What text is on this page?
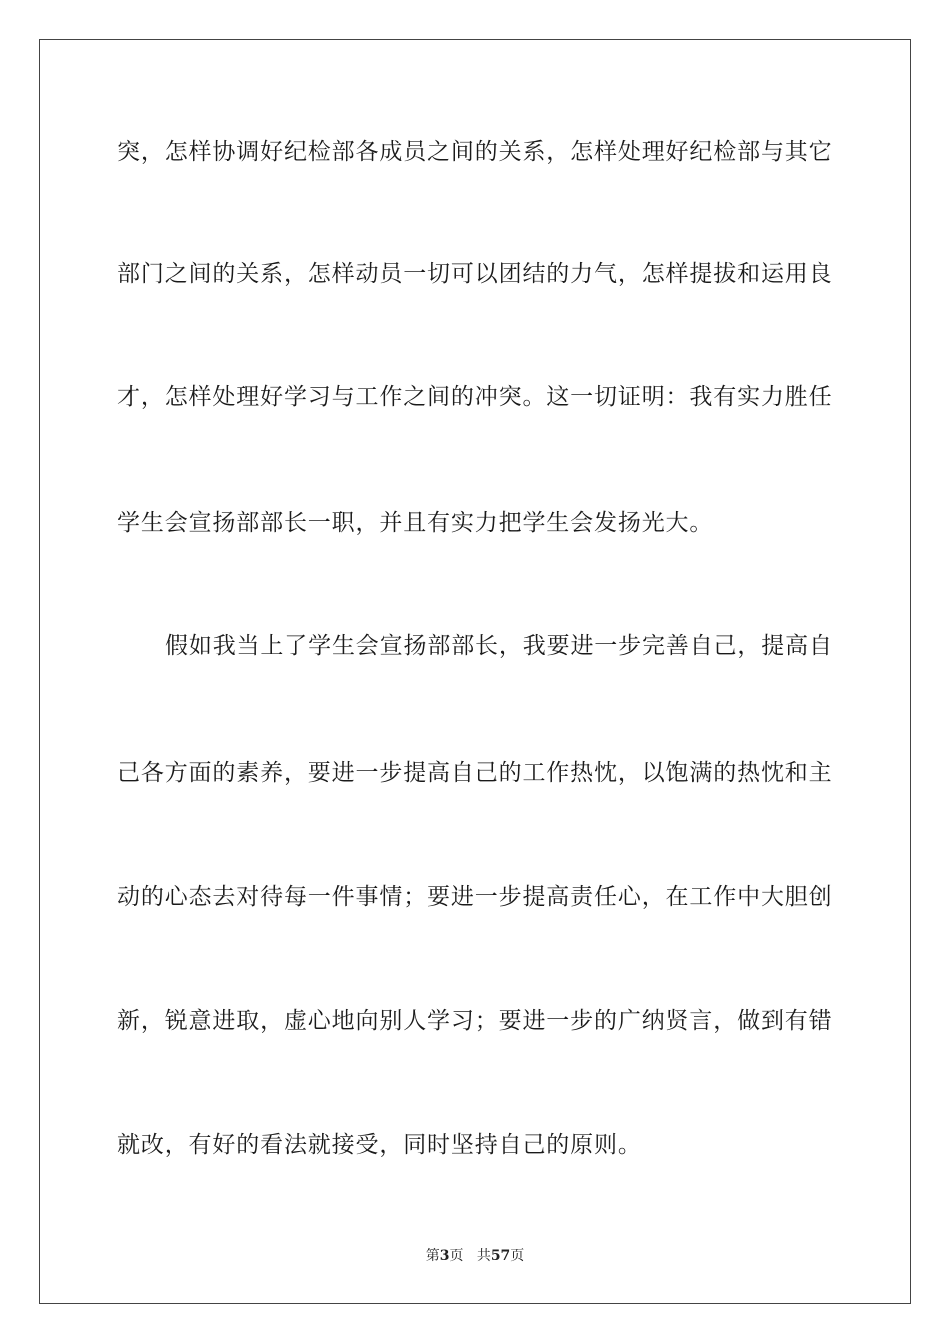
突，怎样协调好纪检部各成员之间的关系，怎样处理好纪检部与其它
部门之间的关系，怎样动员一切可以团结的力气，怎样提拔和运用良
才，怎样处理好学习与工作之间的冲突。这一切证明：我有实力胜任
学生会宣扬部部长一职，并且有实力把学生会发扬光大。
假如我当上了学生会宣扬部部长，我要进一步完善自己，提高自
己各方面的素养，要进一步提高自己的工作热忱，以饱满的热忱和主
动的心态去对待每一件事情；要进一步提高责任心，在工作中大胆创
新，锐意进取，虚心地向别人学习；要进一步的广纳贤言，做到有错
就改，有好的看法就接受，同时坚持自己的原则。
第3页 共57页
